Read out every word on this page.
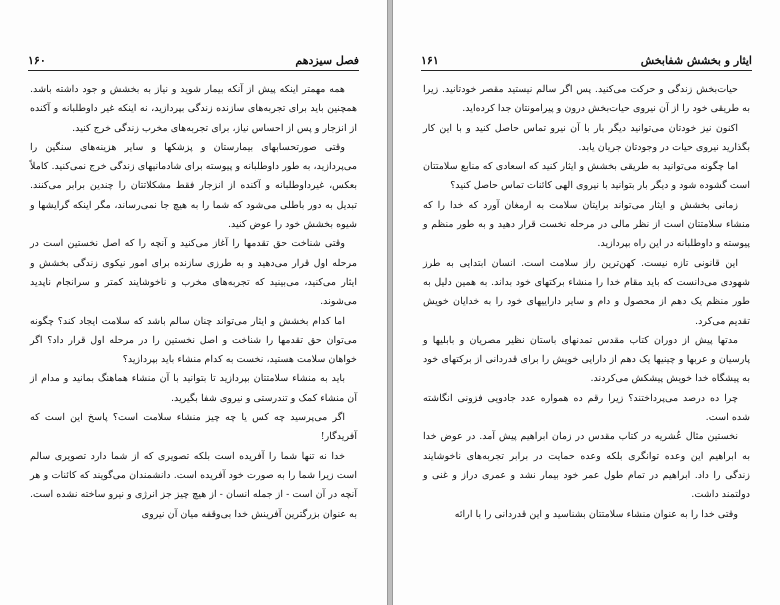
فصل سیزدهم
۱۶۰

همه مهمتر اینکه پیش از آنکه بیمار شوید و نیاز به بخشش و جود داشته باشد. همچنین باید برای تجربه‌های سازنده زندگی بپردازید، نه اینکه غیر داوطلبانه و آکنده از انزجار و پس از احساس نیاز، برای تجربه‌های مخرب زندگی خرج کنید.

وقتی صورتحسابهای بیمارستان و پزشکها و سایر هزینه‌های سنگین را می‌پردازید، به طور داوطلبانه و پیوسته برای شادمانیهای زندگی خرج نمی‌کنید. کاملاً بعکس، غیرداوطلبانه و آکنده از انزجار فقط مشکلاتتان را چندین برابر می‌کنند. تبدیل به دور باطلی می‌شود که شما را به هیچ جا نمی‌رساند، مگر اینکه گرایشها و شیوه بخشش خود را عوض کنید.

وقتی شناخت حق تقدمها را آغاز می‌کنید و آنچه را که اصل نخستین است در مرحله اول قرار می‌دهید و به طرزی سازنده برای امور نیکوی زندگی بخشش و ایثار می‌کنید، می‌بینید که تجربه‌های مخرب و ناخوشایند کمتر و سرانجام ناپدید می‌شوند.

اما کدام بخشش و ایثار می‌تواند چنان سالم باشد که سلامت ایجاد کند؟ چگونه می‌توان حق تقدمها را شناخت و اصل نخستین را در مرحله اول قرار داد؟ اگر خواهان سلامت هستید، نخست به کدام منشاء باید بپردازید؟

باید به منشاء سلامتتان بپردازید تا بتوانید با آن منشاء هماهنگ بمانید و مدام از آن منشاء کمک و تندرستی و نیروی شفا بگیرید.

اگر می‌پرسید چه کس یا چه چیز منشاء سلامت است؟ پاسخ این است که آفریدگار!

خدا نه تنها شما را آفریده است بلکه تصویری که از شما دارد تصویری سالم است زیرا شما را به صورت خود آفریده است. دانشمندان می‌گویند که کائنات و هر آنچه در آن است - از جمله انسان - از هیچ چیز جز انرژی و نیرو ساخته نشده است. به عنوان بزرگترین آفرینش خدا بی‌وقفه میان آن نیروی

ایثار و بخشش شفابخش
۱۶۱

حیات‌بخش زندگی و حرکت می‌کنید. پس اگر سالم نیستید مقصر خودتانید. زیرا به طریقی خود را از آن نیروی حیات‌بخش درون و پیرامونتان جدا کرده‌اید.

اکنون نیز خودتان می‌توانید دیگر بار با آن نیرو تماس حاصل کنید و با این کار بگذارید نیروی حیات در وجودتان جریان یابد.

اما چگونه می‌توانید به طریقی بخشش و ایثار کنید که اسعادی که منابع سلامتتان است گشوده شود و دیگر بار بتوانید با نیروی الهی کائنات تماس حاصل کنید؟

زمانی بخشش و ایثار می‌تواند برایتان سلامت به ارمغان آورد که خدا را که منشاء سلامتتان است از نظر مالی در مرحله نخست قرار دهید و به طور منظم و پیوسته و داوطلبانه در این راه بپردازید.

این قانونی تازه نیست. کهن‌ترین راز سلامت است. انسان ابتدایی به طرز شهودی می‌دانست که باید مقام خدا را منشاء برکتهای خود بداند. به همین دلیل به طور منظم یک دهم از محصول و دام و سایر داراییهای خود را به خدایان خویش تقدیم می‌کرد.

مدتها پیش از دوران کتاب مقدس تمدنهای باستان نظیر مصریان و بابلیها و پارسیان و عربها و چینیها یک دهم از دارایی خویش را برای قدردانی از برکتهای خود به پیشگاه خدا خویش پیشکش می‌کردند.

چرا ده درصد می‌پرداختند؟ زیرا رقم ده همواره عدد جادویی فزونی انگاشته شده است.

نخستین مثال عُشریه در کتاب مقدس در زمان ابراهیم پیش آمد. در عوض خدا به ابراهیم این وعده توانگری بلکه وعده حمایت در برابر تجربه‌های ناخوشایند زندگی را داد. ابراهیم در تمام طول عمر خود بیمار نشد و عمری دراز و غنی و دولتمند داشت.

وقتی خدا را به عنوان منشاء سلامتتان بشناسید و این قدردانی را با ارائه
